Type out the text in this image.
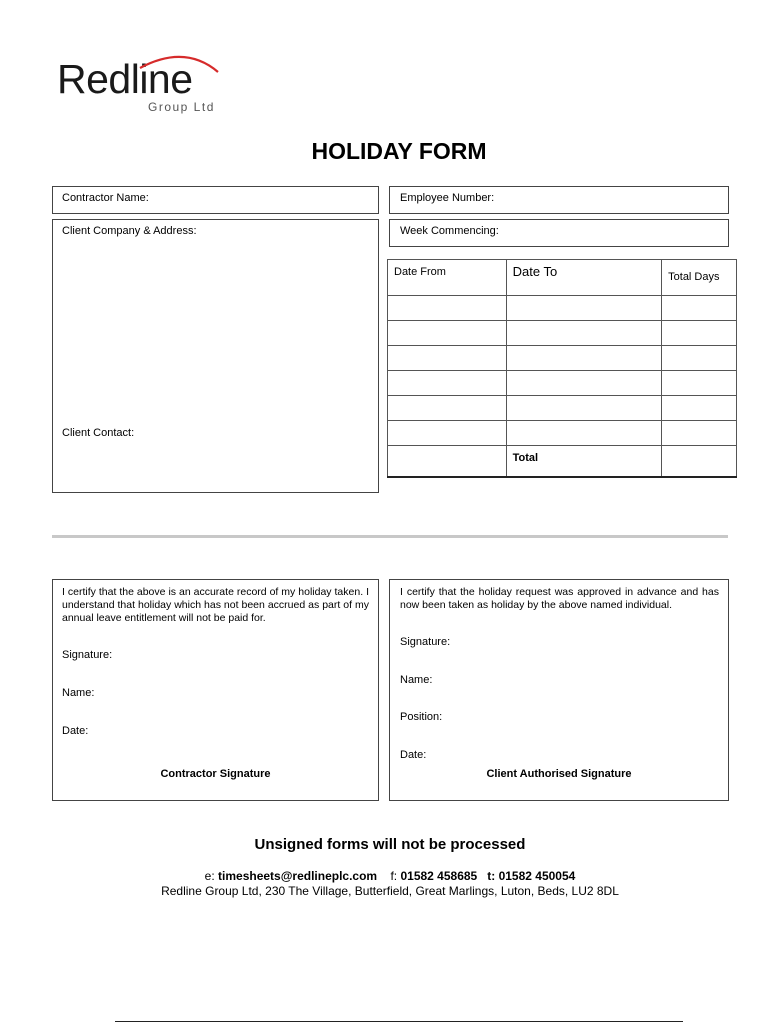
Redline
Group Ltd
HOLIDAY FORM
Contractor Name:	Employee Number:
Client Company & Address:
Client Contact:
Week Commencing:
Date From	Date To	Total Days

	Total	
I certify that the above is an accurate record of my holiday taken. I understand that holiday which has not been accrued as part of my annual leave entitlement will not be paid for.
Signature:
Name:
Date:
Contractor Signature
I certify that the holiday request was approved in advance and has now been taken as holiday by the above named individual.
Signature:
Name:
Position:
Date:
Client Authorised Signature
Unsigned forms will not be processed
e: timesheets@redlineplc.com f: 01582 458685 t: 01582 450054
Redline Group Ltd, 230 The Village, Butterfield, Great Marlings, Luton, Beds, LU2 8DL
